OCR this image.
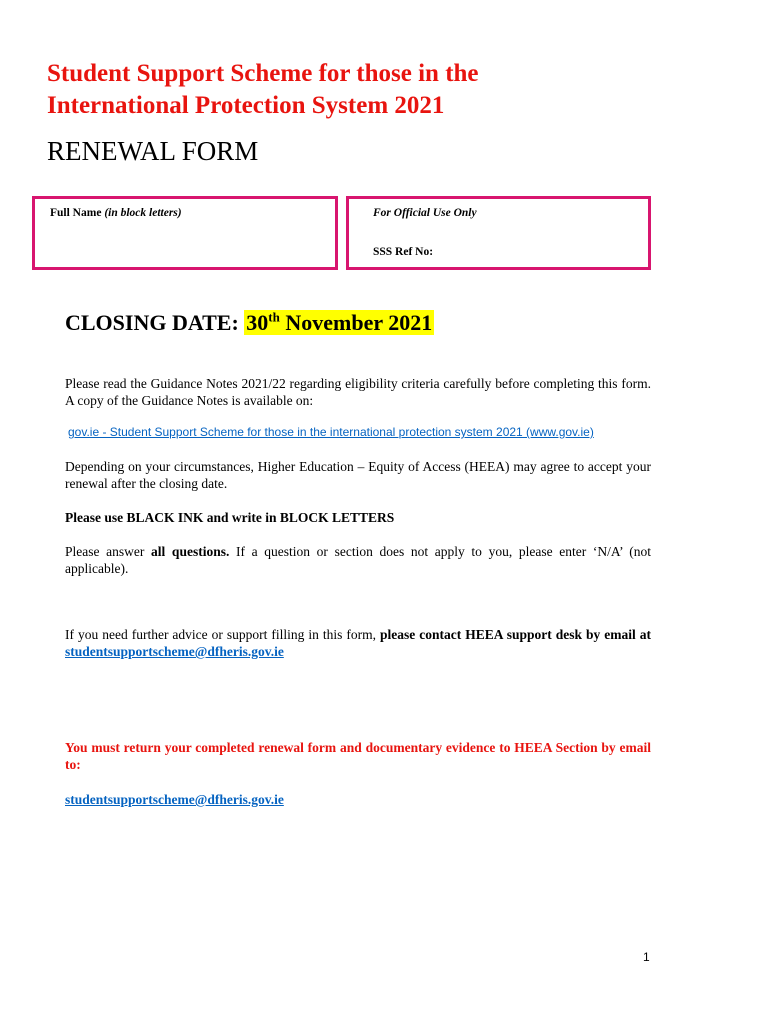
Student Support Scheme for those in the
International Protection System 2021
RENEWAL FORM
Full Name (in block letters)	For Official Use Only
SSS Ref No:
CLOSING DATE: 30th November 2021
Please read the Guidance Notes 2021/22 regarding eligibility criteria carefully before completing this form. A copy of the Guidance Notes is available on:
gov.ie - Student Support Scheme for those in the international protection system 2021 (www.gov.ie)
Depending on your circumstances, Higher Education – Equity of Access (HEEA) may agree to accept your renewal after the closing date.
Please use BLACK INK and write in BLOCK LETTERS
Please answer all questions. If a question or section does not apply to you, please enter ‘N/A’ (not applicable).
If you need further advice or support filling in this form, please contact HEEA support desk by email at studentsupportscheme@dfheris.gov.ie
You must return your completed renewal form and documentary evidence to HEEA Section by email to:
studentsupportscheme@dfheris.gov.ie
1
